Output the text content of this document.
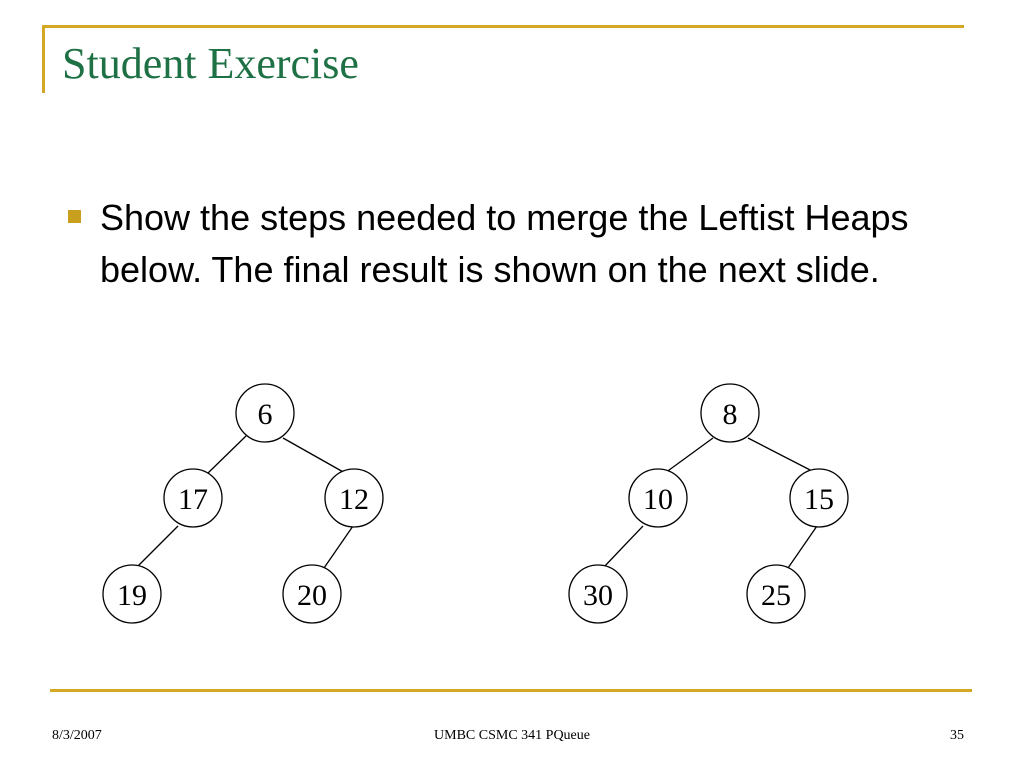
Student Exercise

Show the steps needed to merge the Leftist Heaps below. The final result is shown on the next slide.

6
17	12
19	20
8
10	15
30	25
8/3/2007	UMBC CSMC 341 PQueue	35
